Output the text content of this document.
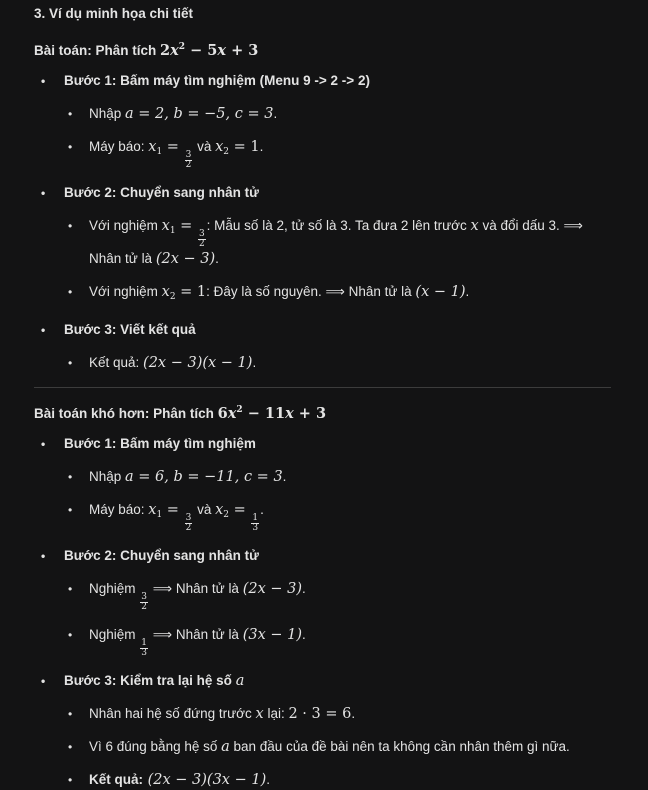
3. Ví dụ minh họa chi tiết
Bài toán: Phân tích $2x^2 - 5x + 3$
• Bước 1: Bấm máy tìm nghiệm (Menu 9 -> 2 -> 2)
• Nhập a = 2, b = −5, c = 3.
• Máy báo: $x_1$ =
$\frac{3}{2}$
và $x_2 = 1$.
• Bước 2: Chuyển sang nhân tử
• Với nghiệm $x_1$ =
$\frac{3}{2}$
: Mẫu số là 2, tử số là 3. Ta đưa 2 lên trước x và đổi dấu 3. ⟹
Nhân tử là (2x − 3).
• Với nghiệm $x_2 = 1$: Đây là số nguyên. ⟹ Nhân tử là (x − 1).
• Bước 3: Viết kết quả
• Kết quả: (2x − 3)(x − 1).
Bài toán khó hơn: Phân tích $6x^2 - 11x + 3$
• Bước 1: Bấm máy tìm nghiệm
• Nhập a = 6, b = −11, c = 3.
• Máy báo: $x_1$ =
$\frac{3}{2}$
và $x_2$ =
$\frac{1}{3}$
.
• Bước 2: Chuyển sang nhân tử
• Nghiệm
$\frac{3}{2}$
⟹ Nhân tử là (2x − 3).
• Nghiệm
$\frac{1}{3}$
⟹ Nhân tử là (3x − 1).
• Bước 3: Kiểm tra lại hệ số a
• Nhân hai hệ số đứng trước x lại: 2 · 3 = 6.
• Vì 6 đúng bằng hệ số a ban đầu của đề bài nên ta không cần nhân thêm gì nữa.
• Kết quả: (2x − 3)(3x − 1).
